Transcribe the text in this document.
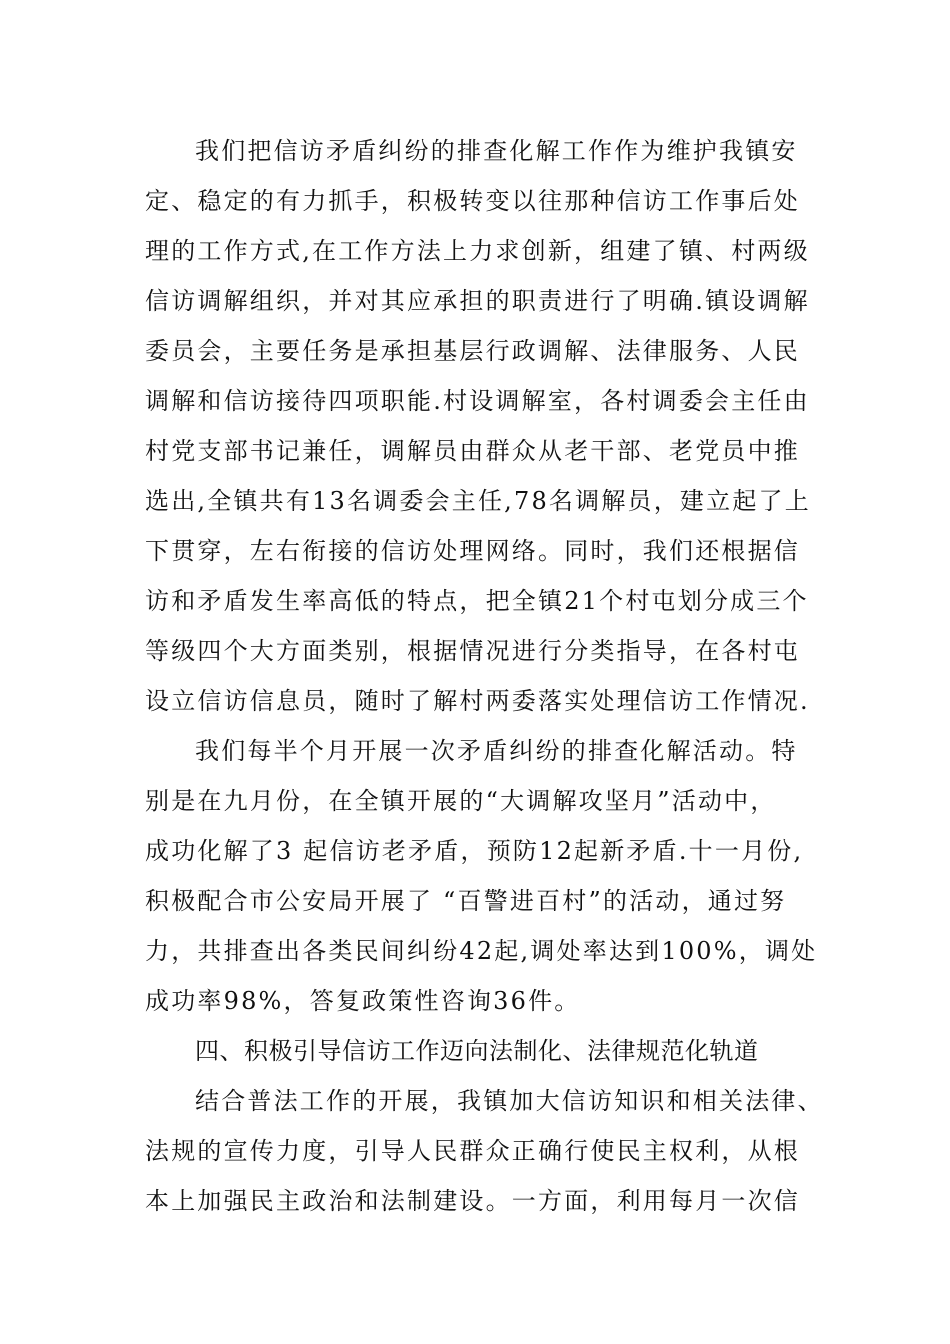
我们把信访矛盾纠纷的排查化解工作作为维护我镇安
定、稳定的有力抓手，积极转变以往那种信访工作事后处
理的工作方式,在工作方法上力求创新，组建了镇、村两级
信访调解组织，并对其应承担的职责进行了明确.镇设调解
委员会，主要任务是承担基层行政调解、法律服务、人民
调解和信访接待四项职能.村设调解室，各村调委会主任由
村党支部书记兼任，调解员由群众从老干部、老党员中推
选出,全镇共有13名调委会主任,78名调解员，建立起了上
下贯穿，左右衔接的信访处理网络。同时，我们还根据信
访和矛盾发生率高低的特点，把全镇21个村屯划分成三个
等级四个大方面类别，根据情况进行分类指导，在各村屯
设立信访信息员，随时了解村两委落实处理信访工作情况.
我们每半个月开展一次矛盾纠纷的排查化解活动。特
别是在九月份，在全镇开展的“大调解攻坚月”活动中，
成功化解了3 起信访老矛盾，预防12起新矛盾.十一月份,
积极配合市公安局开展了 “百警进百村”的活动，通过努
力，共排查出各类民间纠纷42起,调处率达到100%，调处
成功率98%，答复政策性咨询36件。
四、积极引导信访工作迈向法制化、法律规范化轨道
结合普法工作的开展，我镇加大信访知识和相关法律、
法规的宣传力度，引导人民群众正确行使民主权利，从根
本上加强民主政治和法制建设。一方面，利用每月一次信
